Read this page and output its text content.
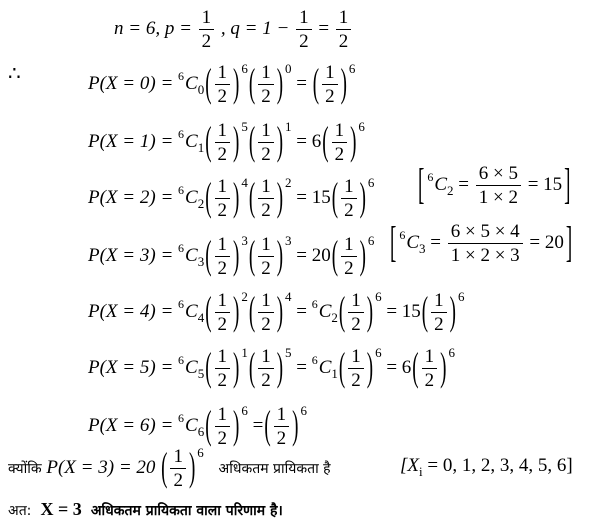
n = 6, $p = \frac{1}{2}$ , $q = 1 - \frac{1}{2} = \frac{1}{2}$
∴	$P(X = 0) = ^6C_0( \frac{1}{2}$ ) $^6( \frac{1}{2}$ ) $^0$ = ( $\frac{1}{2}$ ) $^6$
$P(X = 1) = ^6C_1( \frac{1}{2}$ ) $^5( \frac{1}{2}$ ) $^1 = 6( \frac{1}{2}$ ) $^6$
$P(X = 2) = ^6C_2( \frac{1}{2}$ ) $^4( \frac{1}{2}$ ) $^2 = 15( \frac{1}{2}$ ) $^6$
$P(X = 3) = ^6C_3( \frac{1}{2}$ ) $^3( \frac{1}{2}$ ) $^3 = 20( \frac{1}{2}$ ) $^6$
$P(X = 4) = ^6C_4( \frac{1}{2}$ ) $^2( \frac{1}{2}$ ) $^4 = ^6C_2( \frac{1}{2}$ ) $^6 = 15( \frac{1}{2}$ ) $^6$
$P(X = 5) = ^6C_5( \frac{1}{2}$ ) $^1( \frac{1}{2}$ ) $^5 = ^6C_1( \frac{1}{2}$ ) $^6 = 6( \frac{1}{2}$ ) $^6$
$P(X = 6) = ^6C_6( \frac{1}{2}$ ) $^6$ =( $\frac{1}{2}$ ) $^6$
[ $^6C_2 = \frac{6 \times 5}{1 \times 2} = 15$ ]
[ $^6C_3 = \frac{6 \times 5 \times 4}{1 \times 2 \times 3} = 20$ ]
क्योंकि P(X = 3) = 20 ( $\frac{1}{2}$ ) $^6$ अधिकतम प्रायिकता है	[$X_i = 0$, 1, 2, 3, 4, 5, 6]
अत: X = 3 अधिकतम प्रायिकता वाला परिणाम है।
